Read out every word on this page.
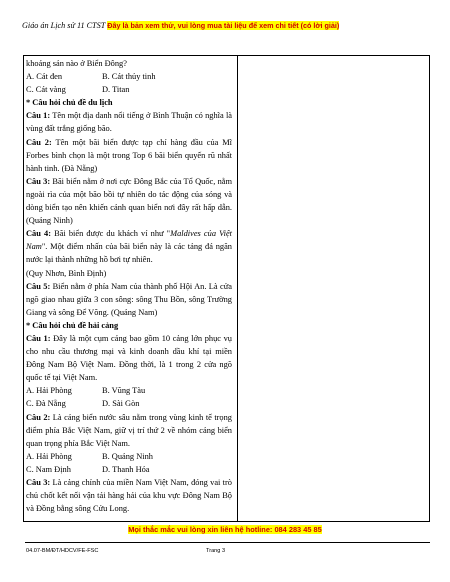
Giáo án Lịch sử 11 CTST Đây là bản xem thử, vui lòng mua tài liệu để xem chi tiết (có lời giải)

khoáng sản nào ở Biển Đông?

A. Cát đen	B. Cát thủy tinh
C. Cát vàng	D. Titan

* Câu hỏi chủ đề du lịch

Câu 1: Tên một địa danh nổi tiếng ở Bình Thuận có nghĩa là vùng đất trắng giống bão.

Câu 2: Tên một bãi biển được tạp chí hàng đầu của Mĩ Forbes bình chọn là một trong Top 6 bãi biển quyến rũ nhất hành tinh. (Đà Nẵng)

Câu 3: Bãi biển nằm ở nơi cực Đông Bắc của Tổ Quốc, nằm ngoài rìa của một bão bồi tự nhiên do tác động của sóng và dòng biển tạo nên khiến cảnh quan biển nơi đây rất hấp dẫn. (Quảng Ninh)

Câu 4: Bãi biển được du khách ví như "Maldives của Việt Nam". Một điểm nhấn của bãi biển này là các tảng đá ngăn nước lại thành những hồ bơi tự nhiên.

(Quy Nhơn, Bình Định)

Câu 5: Biển nằm ở phía Nam của thành phố Hội An. Là cửa ngõ giao nhau giữa 3 con sông: sông Thu Bồn, sông Trường Giang và sông Để Võng. (Quảng Nam)

* Câu hỏi chủ đề hải cảng

Câu 1: Đây là một cụm cảng bao gồm 10 cảng lớn phục vụ cho nhu cầu thương mại và kinh doanh dầu khí tại miền Đông Nam Bộ Việt Nam. Đồng thời, là 1 trong 2 cửa ngõ quốc tế tại Việt Nam.

A. Hải Phòng	B. Vũng Tàu
C. Đà Nẵng	D. Sài Gòn

Câu 2: Là cảng biển nước sâu nằm trong vùng kinh tế trọng điểm phía Bắc Việt Nam, giữ vị trí thứ 2 về nhóm cảng biển quan trọng phía Bắc Việt Nam.

A. Hải Phòng	B. Quảng Ninh
C. Nam Định	D. Thanh Hóa

Câu 3: Là cảng chính của miền Nam Việt Nam, đóng vai trò chủ chốt kết nối vận tải hàng hải của khu vực Đông Nam Bộ và Đồng bằng sông Cửu Long.

Mọi thắc mắc vui lòng xin liên hệ hotline: 084 283 45 85
04.07-BM/ĐT/HDCV/FE-FSC	Trang 3
